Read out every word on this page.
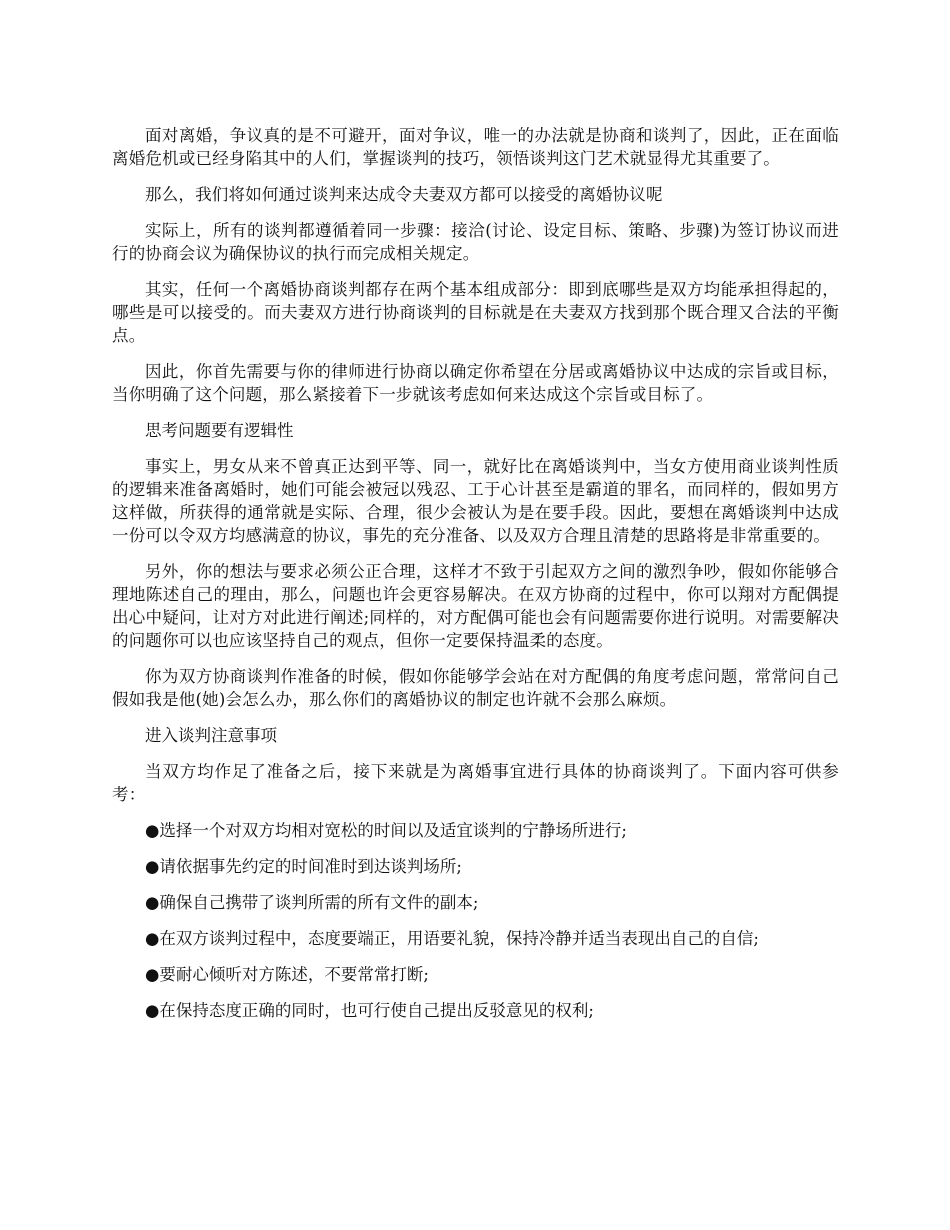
面对离婚，争议真的是不可避开，面对争议，唯一的办法就是协商和谈判了，因此，正在面临离婚危机或已经身陷其中的人们，掌握谈判的技巧，领悟谈判这门艺术就显得尤其重要了。

那么，我们将如何通过谈判来达成令夫妻双方都可以接受的离婚协议呢

实际上，所有的谈判都遵循着同一步骤：接洽(讨论、设定目标、策略、步骤)为签订协议而进行的协商会议为确保协议的执行而完成相关规定。

其实，任何一个离婚协商谈判都存在两个基本组成部分：即到底哪些是双方均能承担得起的，哪些是可以接受的。而夫妻双方进行协商谈判的目标就是在夫妻双方找到那个既合理又合法的平衡点。

因此，你首先需要与你的律师进行协商以确定你希望在分居或离婚协议中达成的宗旨或目标，当你明确了这个问题，那么紧接着下一步就该考虑如何来达成这个宗旨或目标了。

思考问题要有逻辑性

事实上，男女从来不曾真正达到平等、同一，就好比在离婚谈判中，当女方使用商业谈判性质的逻辑来准备离婚时，她们可能会被冠以残忍、工于心计甚至是霸道的罪名，而同样的，假如男方这样做，所获得的通常就是实际、合理，很少会被认为是在要手段。因此，要想在离婚谈判中达成一份可以令双方均感满意的协议，事先的充分准备、以及双方合理且清楚的思路将是非常重要的。

另外，你的想法与要求必须公正合理，这样才不致于引起双方之间的激烈争吵，假如你能够合理地陈述自己的理由，那么，问题也许会更容易解决。在双方协商的过程中，你可以翔对方配偶提出心中疑问，让对方对此进行阐述;同样的，对方配偶可能也会有问题需要你进行说明。对需要解决的问题你可以也应该坚持自己的观点，但你一定要保持温柔的态度。

你为双方协商谈判作准备的时候，假如你能够学会站在对方配偶的角度考虑问题，常常问自己假如我是他(她)会怎么办，那么你们的离婚协议的制定也许就不会那么麻烦。

进入谈判注意事项

当双方均作足了准备之后，接下来就是为离婚事宜进行具体的协商谈判了。下面内容可供参考：

●选择一个对双方均相对宽松的时间以及适宜谈判的宁静场所进行;

●请依据事先约定的时间准时到达谈判场所;

●确保自己携带了谈判所需的所有文件的副本;

●在双方谈判过程中，态度要端正，用语要礼貌，保持冷静并适当表现出自己的自信;

●要耐心倾听对方陈述，不要常常打断;

●在保持态度正确的同时，也可行使自己提出反驳意见的权利;
